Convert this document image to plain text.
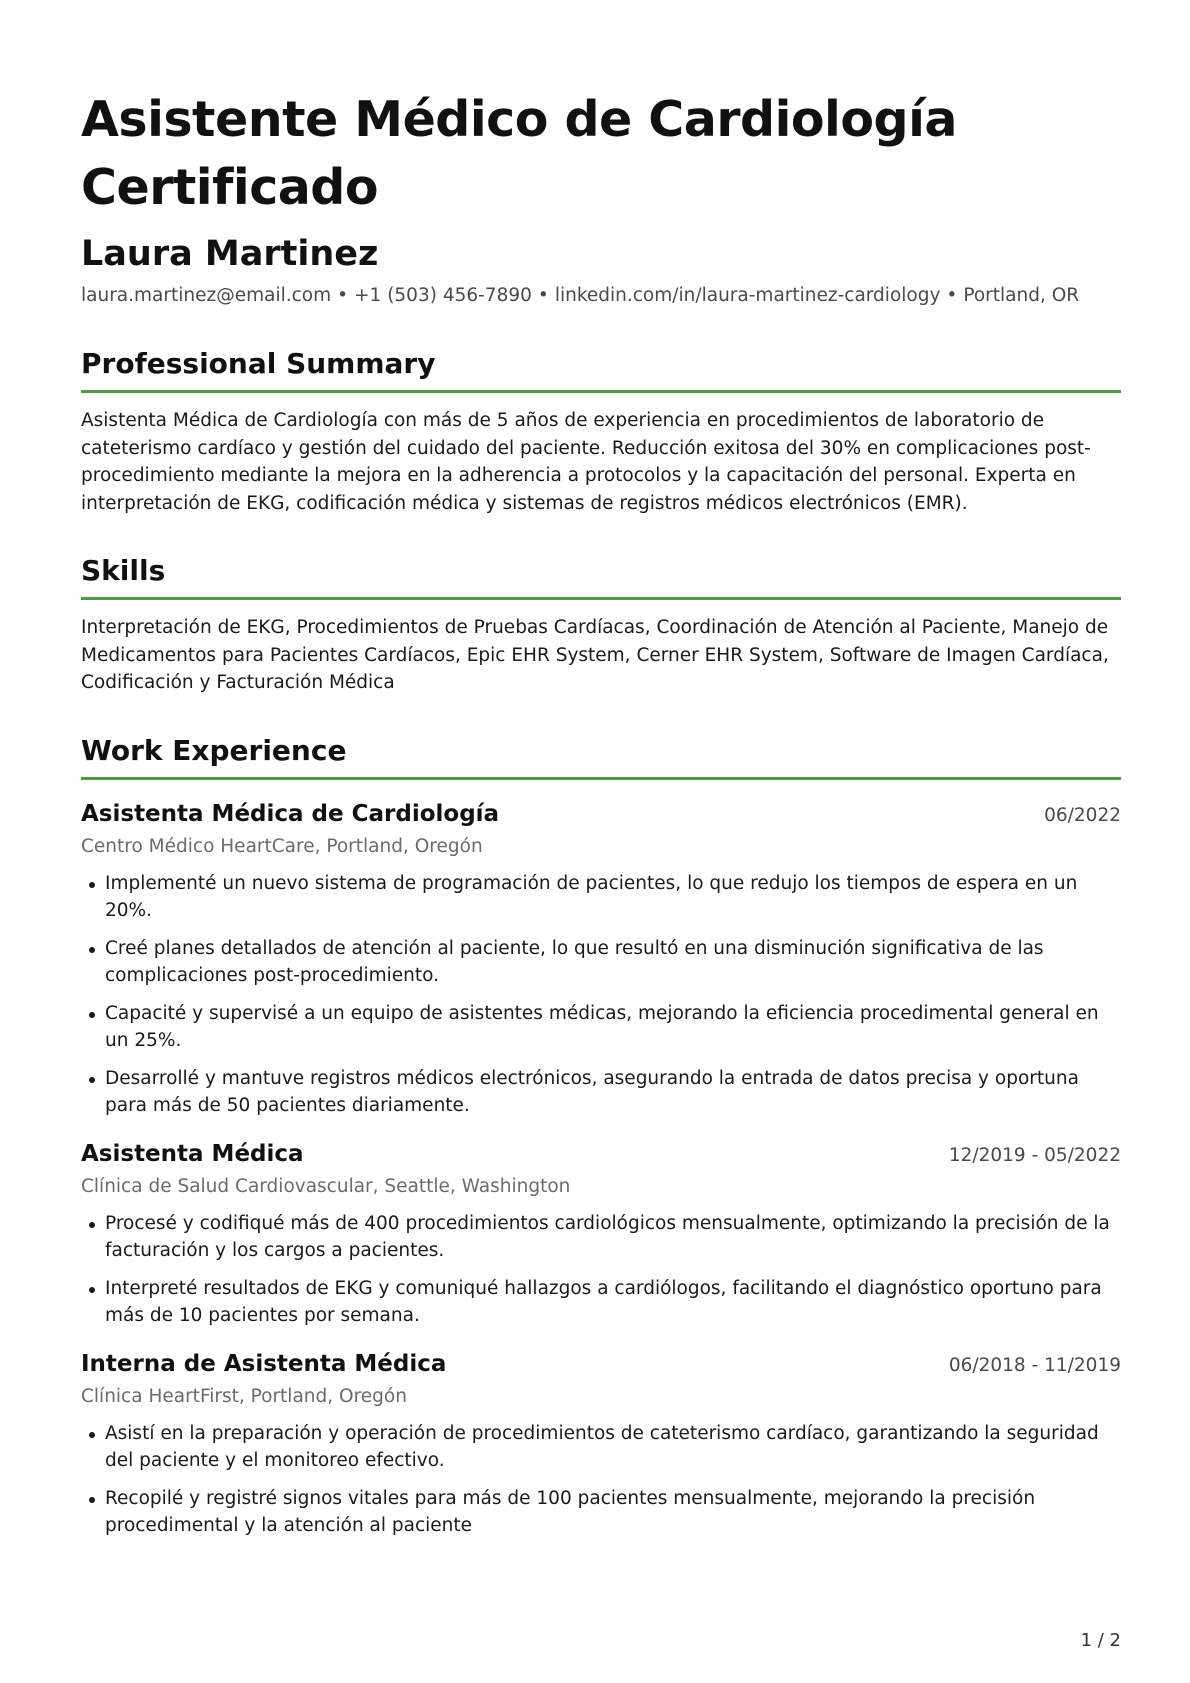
Asistente Médico de Cardiología
Certificado
Laura Martinez
laura.martinez@email.com • +1 (503) 456-7890 • linkedin.com/in/laura-martinez-cardiology • Portland, OR
Professional Summary
Asistenta Médica de Cardiología con más de 5 años de experiencia en procedimientos de laboratorio de cateterismo cardíaco y gestión del cuidado del paciente. Reducción exitosa del 30% en complicaciones post-procedimiento mediante la mejora en la adherencia a protocolos y la capacitación del personal. Experta en interpretación de EKG, codificación médica y sistemas de registros médicos electrónicos (EMR).
Skills
Interpretación de EKG, Procedimientos de Pruebas Cardíacas, Coordinación de Atención al Paciente, Manejo de Medicamentos para Pacientes Cardíacos, Epic EHR System, Cerner EHR System, Software de Imagen Cardíaca, Codificación y Facturación Médica
Work Experience
Asistenta Médica de Cardiología	06/2022
Centro Médico HeartCare, Portland, Oregón
Implementé un nuevo sistema de programación de pacientes, lo que redujo los tiempos de espera en un 20%.
Creé planes detallados de atención al paciente, lo que resultó en una disminución significativa de las complicaciones post-procedimiento.
Capacité y supervisé a un equipo de asistentes médicas, mejorando la eficiencia procedimental general en un 25%.
Desarrollé y mantuve registros médicos electrónicos, asegurando la entrada de datos precisa y oportuna para más de 50 pacientes diariamente.
Asistenta Médica	12/2019 - 05/2022
Clínica de Salud Cardiovascular, Seattle, Washington
Procesé y codifiqué más de 400 procedimientos cardiológicos mensualmente, optimizando la precisión de la facturación y los cargos a pacientes.
Interpreté resultados de EKG y comuniqué hallazgos a cardiólogos, facilitando el diagnóstico oportuno para más de 10 pacientes por semana.
Interna de Asistenta Médica	06/2018 - 11/2019
Clínica HeartFirst, Portland, Oregón
Asistí en la preparación y operación de procedimientos de cateterismo cardíaco, garantizando la seguridad del paciente y el monitoreo efectivo.
Recopilé y registré signos vitales para más de 100 pacientes mensualmente, mejorando la precisión procedimental y la atención al paciente
1 / 2
